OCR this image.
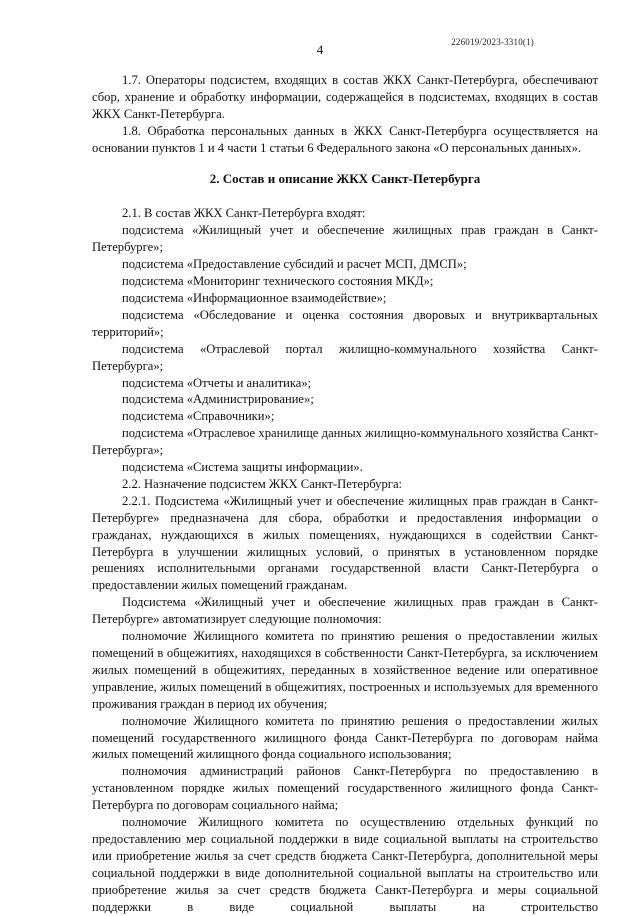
226019/2023-3310(1)
4

1.7. Операторы подсистем, входящих в состав ЖКХ Санкт-Петербурга, обеспечивают сбор, хранение и обработку информации, содержащейся в подсистемах, входящих в состав ЖКХ Санкт-Петербурга.

1.8. Обработка персональных данных в ЖКХ Санкт-Петербурга осуществляется на основании пунктов 1 и 4 части 1 статьи 6 Федерального закона «О персональных данных».

2. Состав и описание ЖКХ Санкт-Петербурга

2.1. В состав ЖКХ Санкт-Петербурга входят:

подсистема «Жилищный учет и обеспечение жилищных прав граждан в Санкт-Петербурге»;

подсистема «Предоставление субсидий и расчет МСП, ДМСП»;

подсистема «Мониторинг технического состояния МКД»;

подсистема «Информационное взаимодействие»;

подсистема «Обследование и оценка состояния дворовых и внутриквартальных территорий»;

подсистема «Отраслевой портал жилищно-коммунального хозяйства Санкт-Петербурга»;

подсистема «Отчеты и аналитика»;

подсистема «Администрирование»;

подсистема «Справочники»;

подсистема «Отраслевое хранилище данных жилищно-коммунального хозяйства Санкт-Петербурга»;

подсистема «Система защиты информации».

2.2. Назначение подсистем ЖКХ Санкт-Петербурга:

2.2.1. Подсистема «Жилищный учет и обеспечение жилищных прав граждан в Санкт-Петербурге» предназначена для сбора, обработки и предоставления информации о гражданах, нуждающихся в жилых помещениях, нуждающихся в содействии Санкт-Петербурга в улучшении жилищных условий, о принятых в установленном порядке решениях исполнительными органами государственной власти Санкт-Петербурга о предоставлении жилых помещений гражданам.

Подсистема «Жилищный учет и обеспечение жилищных прав граждан в Санкт-Петербурге» автоматизирует следующие полномочия:

полномочие Жилищного комитета по принятию решения о предоставлении жилых помещений в общежитиях, находящихся в собственности Санкт-Петербурга, за исключением жилых помещений в общежитиях, переданных в хозяйственное ведение или оперативное управление, жилых помещений в общежитиях, построенных и используемых для временного проживания граждан в период их обучения;

полномочие Жилищного комитета по принятию решения о предоставлении жилых помещений государственного жилищного фонда Санкт-Петербурга по договорам найма жилых помещений жилищного фонда социального использования;

полномочия администраций районов Санкт-Петербурга по предоставлению в установленном порядке жилых помещений государственного жилищного фонда Санкт-Петербурга по договорам социального найма;

полномочие Жилищного комитета по осуществлению отдельных функций по предоставлению мер социальной поддержки в виде социальной выплаты на строительство или приобретение жилья за счет средств бюджета Санкт-Петербурга, дополнительной меры социальной поддержки в виде дополнительной социальной выплаты на строительство или приобретение жилья за счет средств бюджета Санкт-Петербурга и меры социальной поддержки в виде социальной выплаты на строительство
